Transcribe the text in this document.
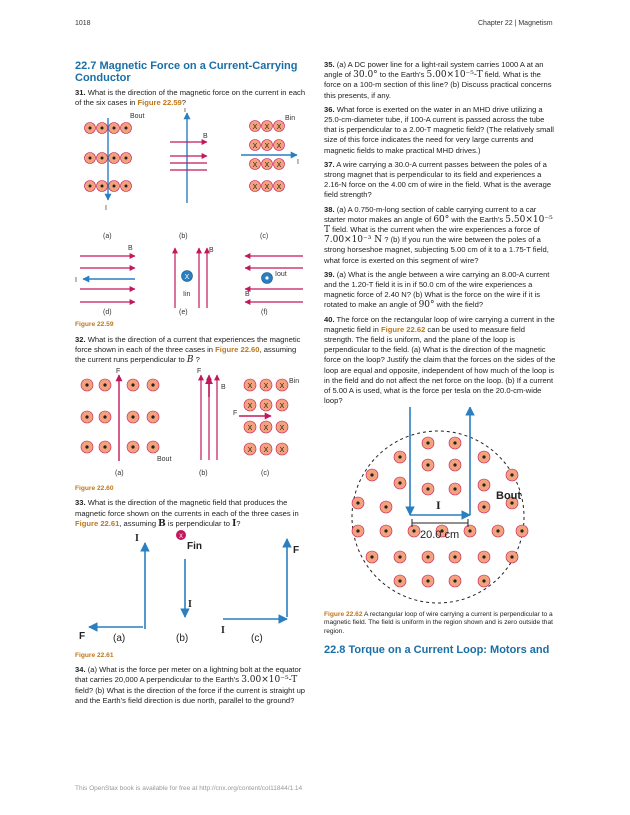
1018	Chapter 22 | Magnetism
22.7 Magnetic Force on a Current-Carrying Conductor

31. What is the direction of the magnetic force on the current in each of the six cases in Figure 22.59?

Bout
I
(a)
I
B
(b)
X X X
X X X
X X X
X X X
Bin
I
(c)
B
I
(d)
X
B
Iin
(e)
Iout
B
(f)
Figure 22.59

32. What is the direction of a current that experiences the magnetic force shown in each of the three cases in Figure 22.60, assuming the current runs perpendicular to B ?

F
Bout
(a)
F
B
(b)
X X X
X X X
X X X
X X X
F
Bin
(c)
Figure 22.60

33. What is the direction of the magnetic field that produces the magnetic force shown on the currents in each of the three cases in Figure 22.61, assuming B is perpendicular to I?

I
F	(a)
X
Fin
I
(b)
F
I
(c)
Figure 22.61

34. (a) What is the force per meter on a lightning bolt at the equator that carries 20,000 A perpendicular to the Earth’s 3.00×10⁻⁵-T field? (b) What is the direction of the force if the current is straight up and the Earth’s field direction is due north, parallel to the ground?

35. (a) A DC power line for a light-rail system carries 1000 A at an angle of 30.0° to the Earth’s 5.00×10⁻⁵-T field. What is the force on a 100-m section of this line? (b) Discuss practical concerns this presents, if any.

36. What force is exerted on the water in an MHD drive utilizing a 25.0-cm-diameter tube, if 100-A current is passed across the tube that is perpendicular to a 2.00-T magnetic field? (The relatively small size of this force indicates the need for very large currents and magnetic fields to make practical MHD drives.)

37. A wire carrying a 30.0-A current passes between the poles of a strong magnet that is perpendicular to its field and experiences a 2.16-N force on the 4.00 cm of wire in the field. What is the average field strength?

38. (a) A 0.750-m-long section of cable carrying current to a car starter motor makes an angle of 60° with the Earth’s 5.50×10⁻⁵ T field. What is the current when the wire experiences a force of 7.00×10⁻³ N ? (b) If you run the wire between the poles of a strong horseshoe magnet, subjecting 5.00 cm of it to a 1.75-T field, what force is exerted on this segment of wire?

39. (a) What is the angle between a wire carrying an 8.00-A current and the 1.20-T field it is in if 50.0 cm of the wire experiences a magnetic force of 2.40 N? (b) What is the force on the wire if it is rotated to make an angle of 90° with the field?

40. The force on the rectangular loop of wire carrying a current in the magnetic field in Figure 22.62 can be used to measure field strength. The field is uniform, and the plane of the loop is perpendicular to the field. (a) What is the direction of the magnetic force on the loop? Justify the claim that the forces on the sides of the loop are equal and opposite, independent of how much of the loop is in the field and do not affect the net force on the loop. (b) If a current of 5.00 A is used, what is the force per tesla on the 20.0-cm-wide loop?

I
20.0 cm
Bout

Figure 22.62 A rectangular loop of wire carrying a current is perpendicular to a magnetic field. The field is uniform in the region shown and is zero outside that region.

22.8 Torque on a Current Loop: Motors and
This OpenStax book is available for free at http://cnx.org/content/col11844/1.14
